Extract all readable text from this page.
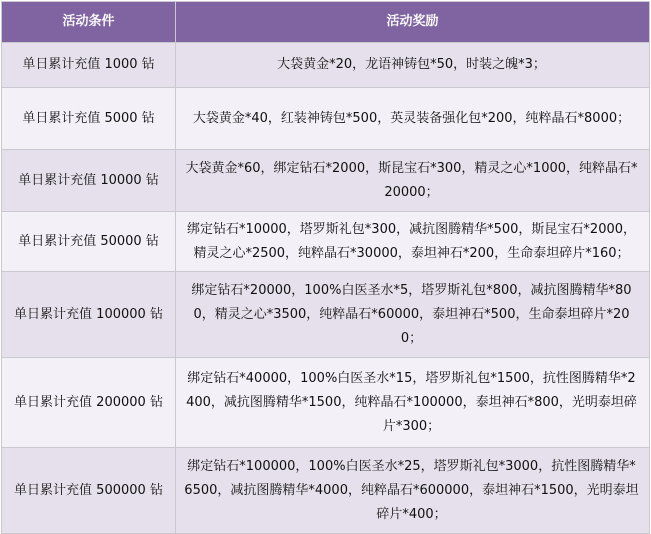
活动条件	活动奖励
单日累计充值 1000 钻	大袋黄金*20，龙语神铸包*50，时装之魄*3；
单日累计充值 5000 钻	大袋黄金*40，红装神铸包*500，英灵装备强化包*200，纯粹晶石*8000；
单日累计充值 10000 钻	大袋黄金*60，绑定钻石*2000，斯昆宝石*300，精灵之心*1000，纯粹晶石*20000；
单日累计充值 50000 钻	绑定钻石*10000，塔罗斯礼包*300，减抗图腾精华*500，斯昆宝石*2000，精灵之心*2500，纯粹晶石*30000，泰坦神石*200，生命泰坦碎片*160；
单日累计充值 100000 钻	绑定钻石*20000，100%白医圣水*5，塔罗斯礼包*800，减抗图腾精华*800，精灵之心*3500，纯粹晶石*60000，泰坦神石*500，生命泰坦碎片*200；
单日累计充值 200000 钻	绑定钻石*40000，100%白医圣水*15，塔罗斯礼包*1500，抗性图腾精华*2400，减抗图腾精华*1500，纯粹晶石*100000，泰坦神石*800，光明泰坦碎片*300；
单日累计充值 500000 钻	绑定钻石*100000，100%白医圣水*25，塔罗斯礼包*3000，抗性图腾精华*6500，减抗图腾精华*4000，纯粹晶石*600000，泰坦神石*1500，光明泰坦碎片*400；
